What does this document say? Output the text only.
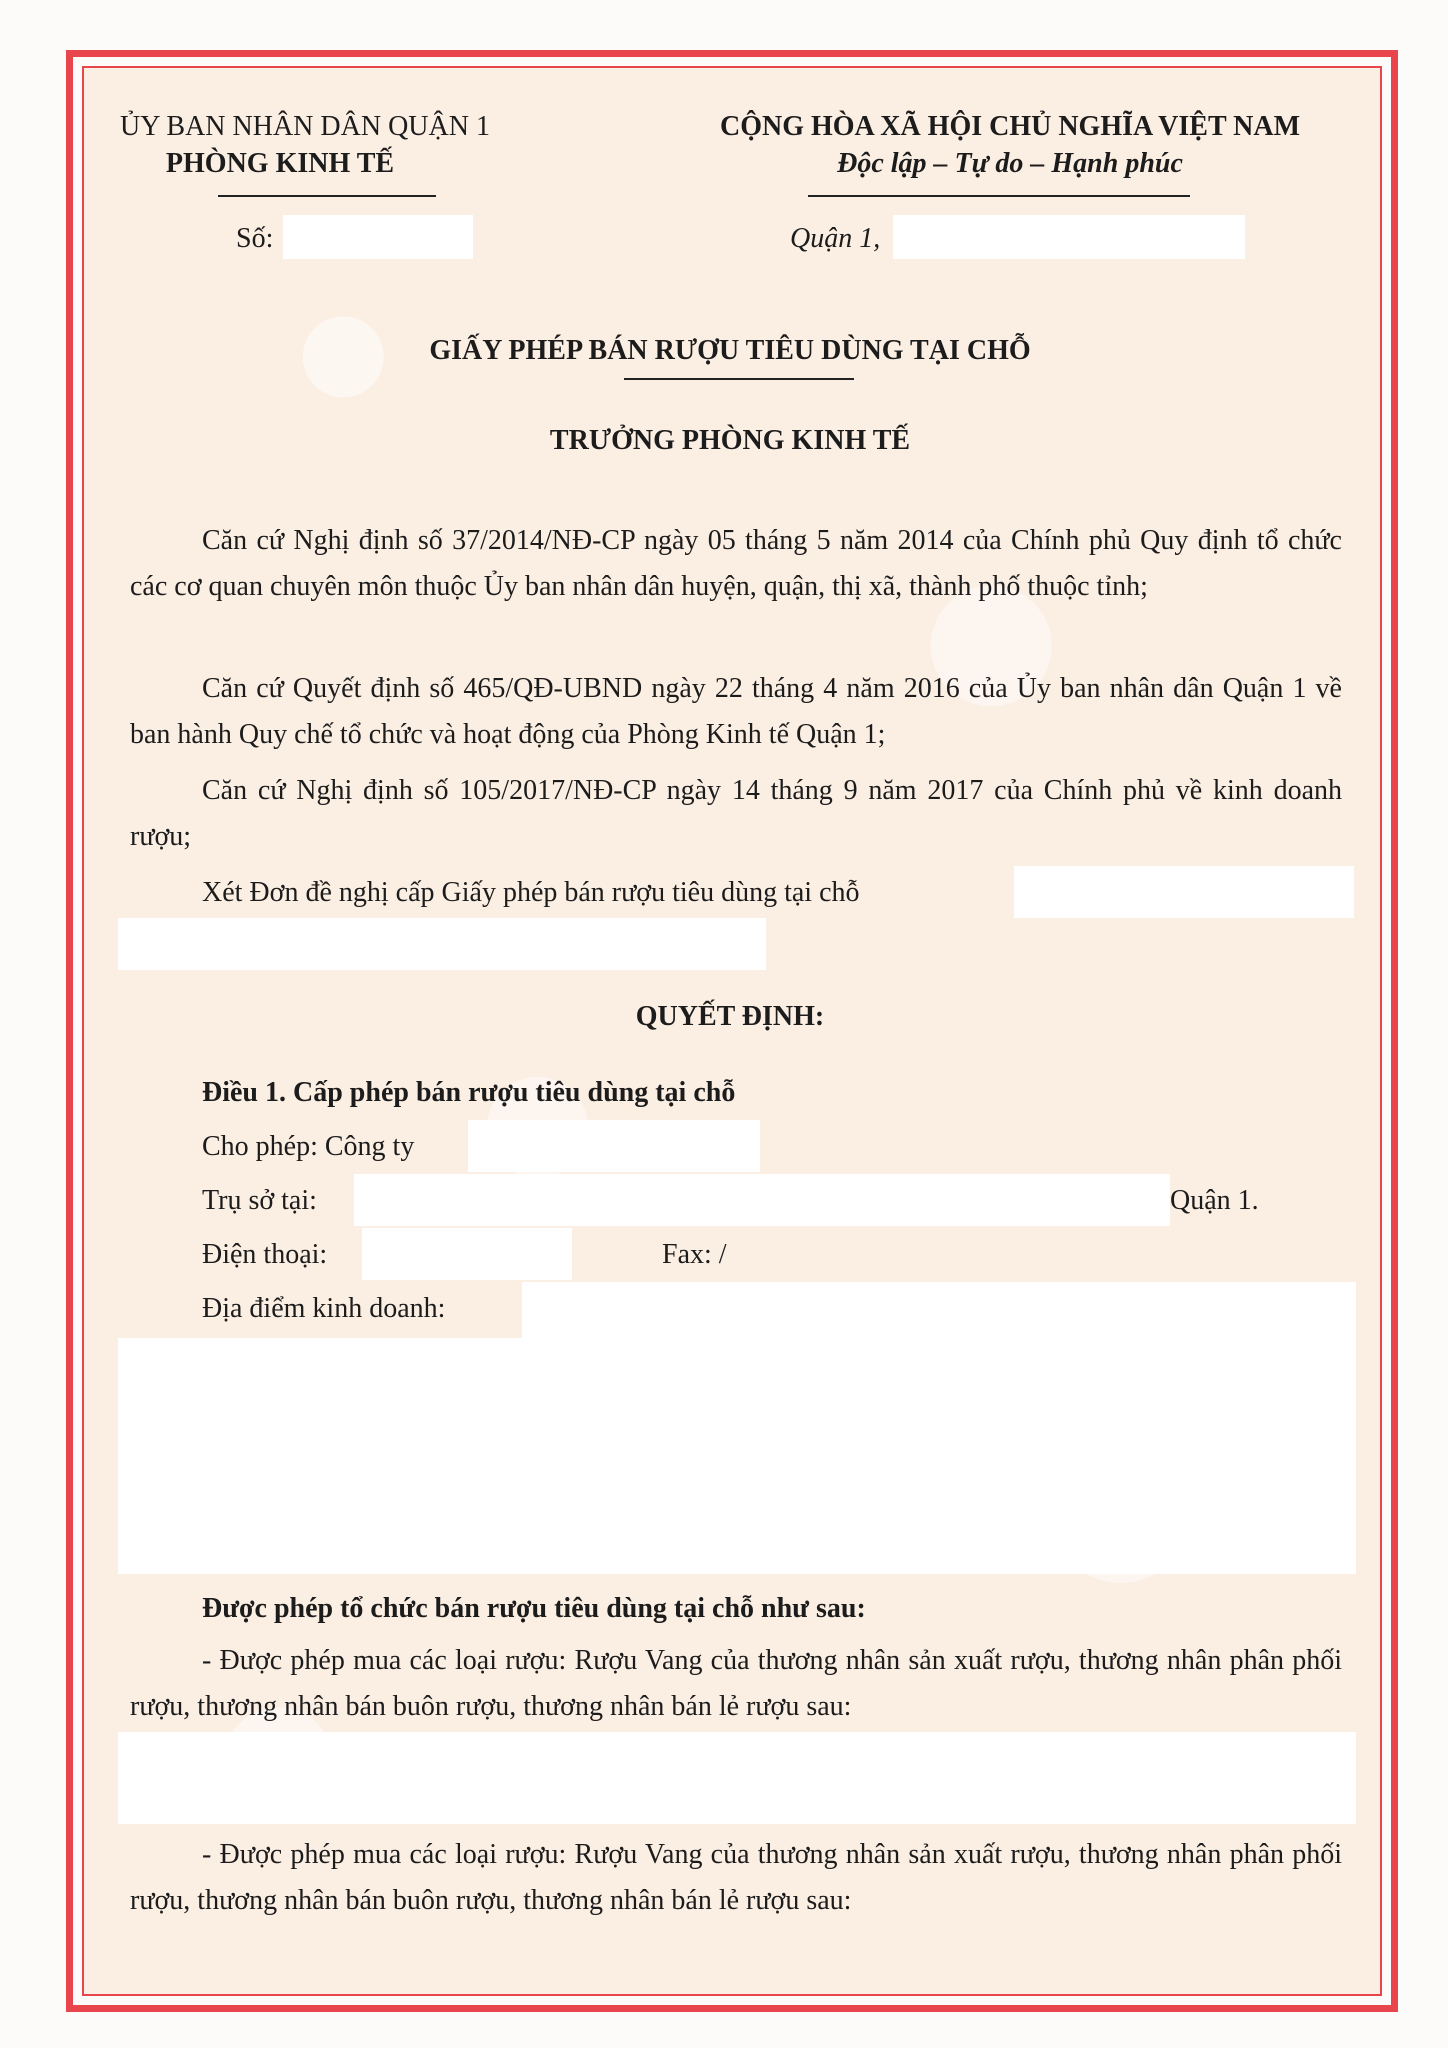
ỦY BAN NHÂN DÂN QUẬN 1
PHÒNG KINH TẾ
Số:
CỘNG HÒA XÃ HỘI CHỦ NGHĨA VIỆT NAM
Độc lập – Tự do – Hạnh phúc
Quận 1,
GIẤY PHÉP BÁN RƯỢU TIÊU DÙNG TẠI CHỖ
TRƯỞNG PHÒNG KINH TẾ
Căn cứ Nghị định số 37/2014/NĐ-CP ngày 05 tháng 5 năm 2014 của Chính phủ Quy định tổ chức các cơ quan chuyên môn thuộc Ủy ban nhân dân huyện, quận, thị xã, thành phố thuộc tỉnh;
Căn cứ Quyết định số 465/QĐ-UBND ngày 22 tháng 4 năm 2016 của Ủy ban nhân dân Quận 1 về ban hành Quy chế tổ chức và hoạt động của Phòng Kinh tế Quận 1;
Căn cứ Nghị định số 105/2017/NĐ-CP ngày 14 tháng 9 năm 2017 của Chính phủ về kinh doanh rượu;
Xét Đơn đề nghị cấp Giấy phép bán rượu tiêu dùng tại chỗ
QUYẾT ĐỊNH:
Điều 1. Cấp phép bán rượu tiêu dùng tại chỗ
Cho phép: Công ty
Trụ sở tại:	Quận 1.
Điện thoại:	Fax: /
Địa điểm kinh doanh:
Được phép tổ chức bán rượu tiêu dùng tại chỗ như sau:
- Được phép mua các loại rượu: Rượu Vang của thương nhân sản xuất rượu, thương nhân phân phối rượu, thương nhân bán buôn rượu, thương nhân bán lẻ rượu sau:
- Được phép mua các loại rượu: Rượu Vang của thương nhân sản xuất rượu, thương nhân phân phối rượu, thương nhân bán buôn rượu, thương nhân bán lẻ rượu sau:
